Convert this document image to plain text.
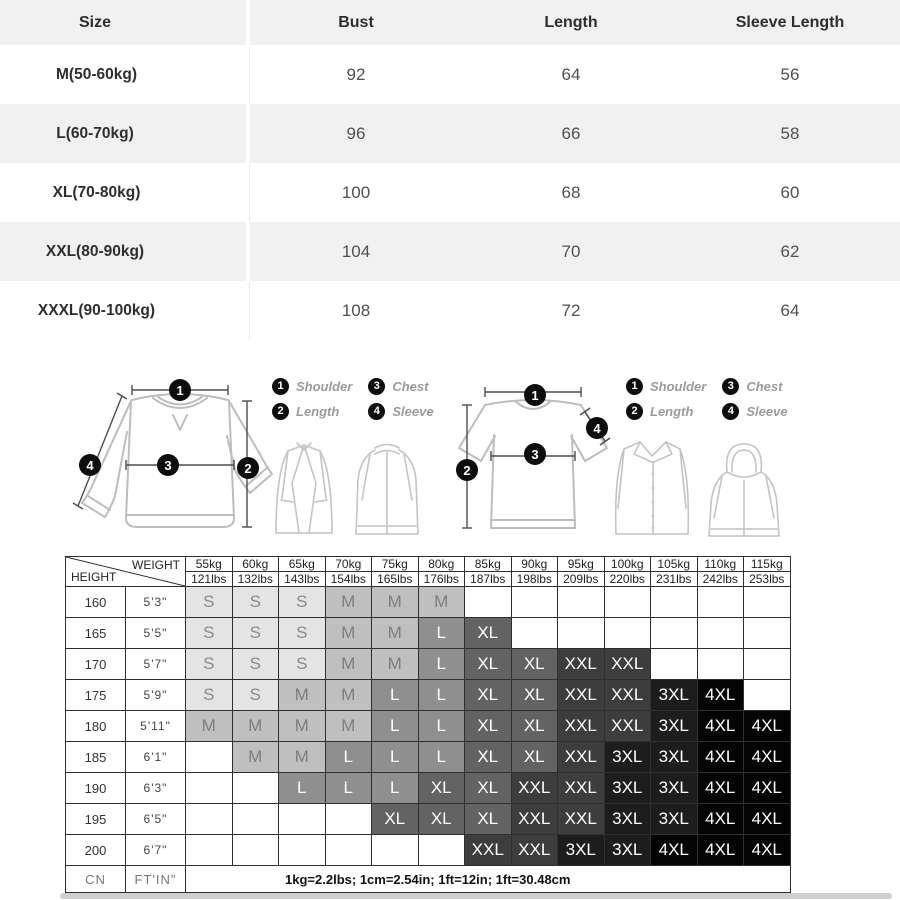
Size	Bust	Length	Sleeve Length
M(50-60kg)	92	64	56
L(60-70kg)	96	66	58
XL(70-80kg)	100	68	60
XXL(80-90kg)	104	70	62
XXXL(90-100kg)	108	72	64
1
2
3
4
1
2
3
4
1 Shoulder
2 Length
3 Chest
4 Sleeve
1 Shoulder
2 Length
3 Chest
4 Sleeve
WEIGHT
HEIGHT		55kg	60kg	65kg	70kg	75kg	80kg	85kg	90kg	95kg	100kg	105kg	110kg	115kg
		121lbs	132lbs	143lbs	154lbs	165lbs	176lbs	187lbs	198lbs	209lbs	220lbs	231lbs	242lbs	253lbs
160	5'3"	S	S	S	M	M	M							
165	5'5"	S	S	S	M	M	L	XL						
170	5'7"	S	S	S	M	M	L	XL	XL	XXL	XXL			
175	5'9"	S	S	M	M	L	L	XL	XL	XXL	XXL	3XL	4XL	
180	5'11"	M	M	M	M	L	L	XL	XL	XXL	XXL	3XL	4XL	4XL
185	6'1"		M	M	L	L	L	XL	XL	XXL	3XL	3XL	4XL	4XL
190	6'3"			L	L	L	XL	XL	XXL	XXL	3XL	3XL	4XL	4XL
195	6'5"					XL	XL	XL	XXL	XXL	3XL	3XL	4XL	4XL
200	6'7"							XXL	XXL	3XL	3XL	4XL	4XL	4XL
CN	FT'IN"	1kg=2.2lbs; 1cm=2.54in; 1ft=12in; 1ft=30.48cm												
